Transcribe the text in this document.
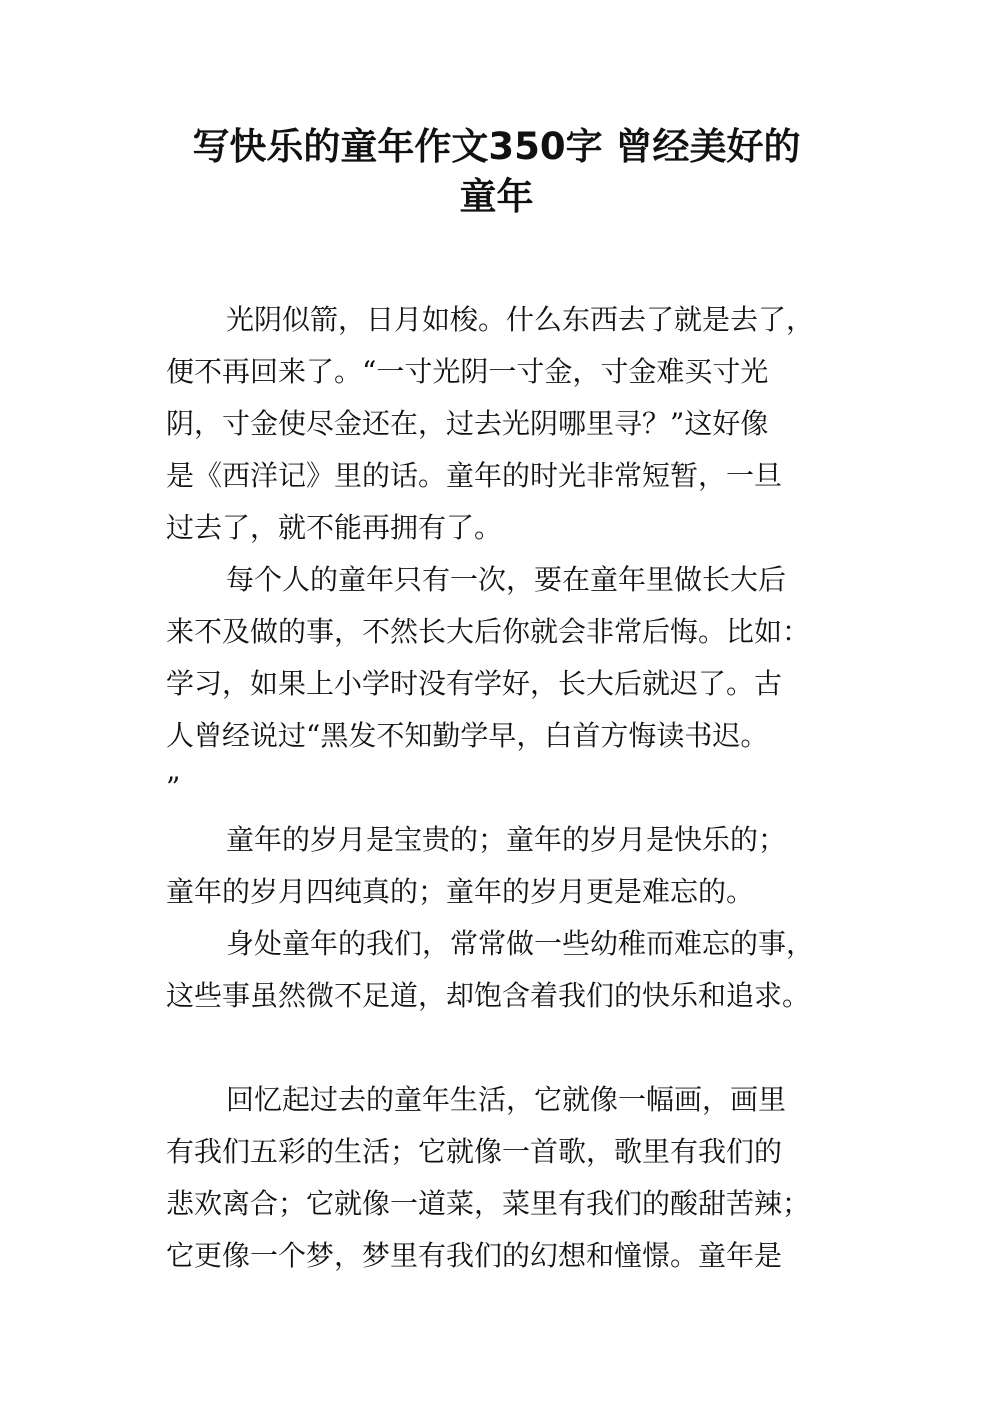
写快乐的童年作文350字 曾经美好的
童年
光阴似箭，日月如梭。什么东西去了就是去了，
便不再回来了。“一寸光阴一寸金，寸金难买寸光
阴，寸金使尽金还在，过去光阴哪里寻？”这好像
是《西洋记》里的话。童年的时光非常短暂，一旦
过去了，就不能再拥有了。
每个人的童年只有一次，要在童年里做长大后
来不及做的事，不然长大后你就会非常后悔。比如：
学习，如果上小学时没有学好，长大后就迟了。古
人曾经说过“黑发不知勤学早，白首方悔读书迟。
”
童年的岁月是宝贵的；童年的岁月是快乐的；
童年的岁月四纯真的；童年的岁月更是难忘的。
身处童年的我们，常常做一些幼稚而难忘的事，
这些事虽然微不足道，却饱含着我们的快乐和追求。
回忆起过去的童年生活，它就像一幅画，画里
有我们五彩的生活；它就像一首歌，歌里有我们的
悲欢离合；它就像一道菜，菜里有我们的酸甜苦辣；
它更像一个梦，梦里有我们的幻想和憧憬。童年是
